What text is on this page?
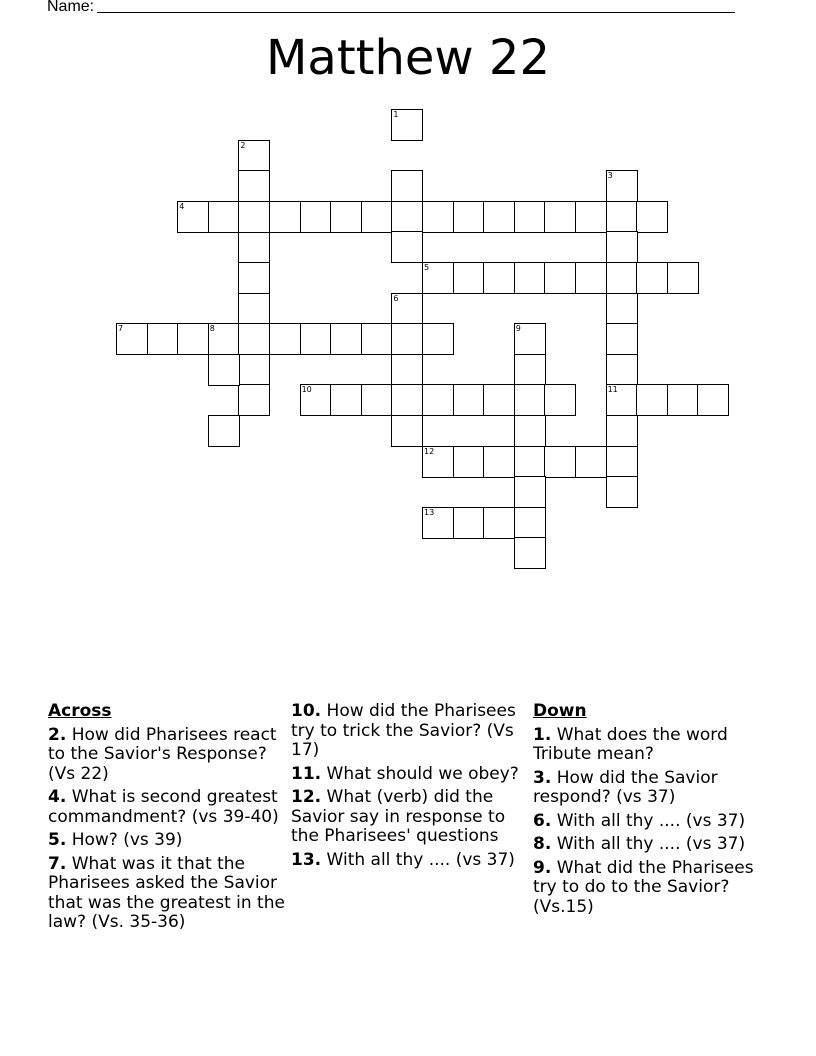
Name:
Matthew 22
1
2
3
4
5
6
7	8	9
10	11
12
13
Across
2. How did Pharisees react to the Savior's Response? (Vs 22)
4. What is second greatest commandment? (vs 39-40)
5. How? (vs 39)
7. What was it that the Pharisees asked the Savior that was the greatest in the law? (Vs. 35-36)
10. How did the Pharisees try to trick the Savior? (Vs 17)
11. What should we obey?
12. What (verb) did the Savior say in response to the Pharisees' questions
13. With all thy .... (vs 37)
Down
1. What does the word Tribute mean?
3. How did the Savior respond? (vs 37)
6. With all thy .... (vs 37)
8. With all thy .... (vs 37)
9. What did the Pharisees try to do to the Savior? (Vs.15)
